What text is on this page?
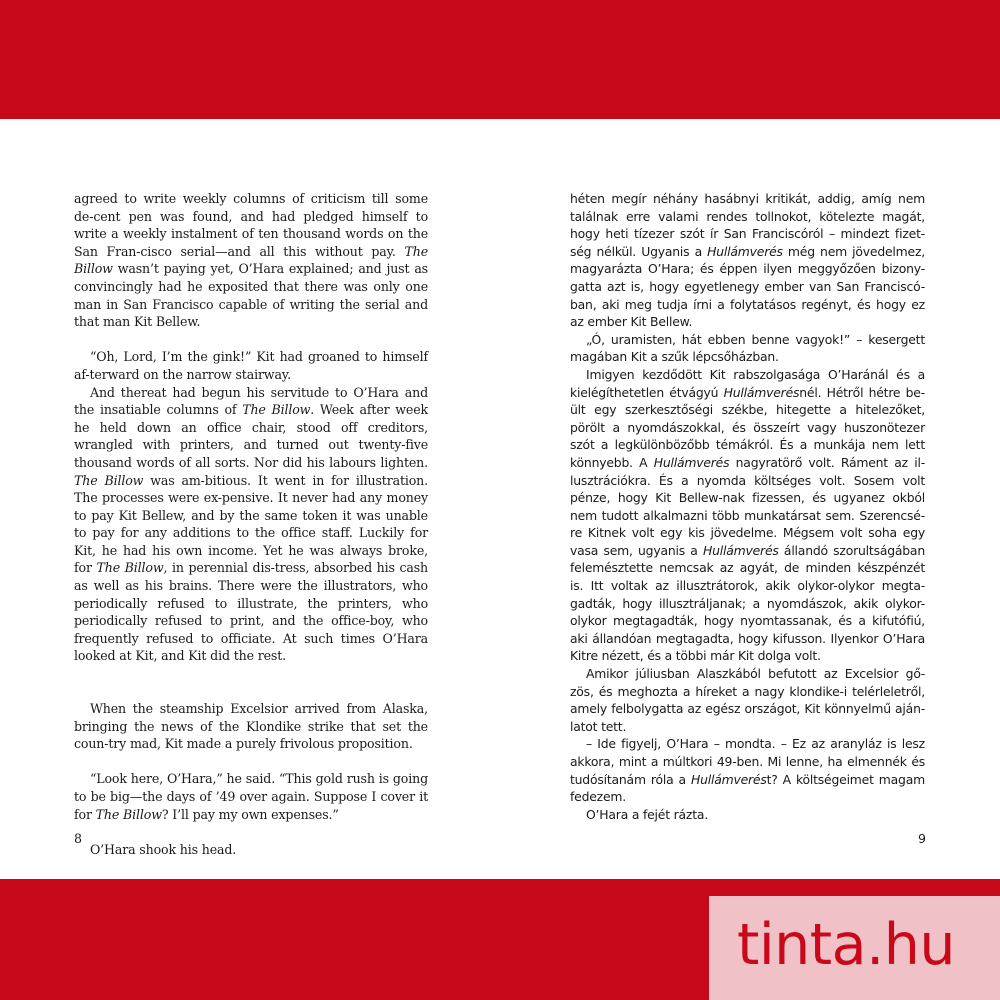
agreed to write weekly columns of criticism till some de-cent pen was found, and had pledged himself to write a weekly instalment of ten thousand words on the San Fran-cisco serial—and all this without pay. The Billow wasn’t paying yet, O’Hara explained; and just as convincingly had he exposited that there was only one man in San Francisco capable of writing the serial and that man Kit Bellew.

“Oh, Lord, I’m the gink!” Kit had groaned to himself af-terward on the narrow stairway.

And thereat had begun his servitude to O’Hara and the insatiable columns of The Billow. Week after week he held down an office chair, stood off creditors, wrangled with printers, and turned out twenty-five thousand words of all sorts. Nor did his labours lighten. The Billow was am-bitious. It went in for illustration. The processes were ex-pensive. It never had any money to pay Kit Bellew, and by the same token it was unable to pay for any additions to the office staff. Luckily for Kit, he had his own income. Yet he was always broke, for The Billow, in perennial dis-tress, absorbed his cash as well as his brains. There were the illustrators, who periodically refused to illustrate, the printers, who periodically refused to print, and the office-boy, who frequently refused to officiate. At such times O’Hara looked at Kit, and Kit did the rest.

When the steamship Excelsior arrived from Alaska, bringing the news of the Klondike strike that set the coun-try mad, Kit made a purely frivolous proposition.

“Look here, O’Hara,” he said. “This gold rush is going to be big—the days of ’49 over again. Suppose I cover it for The Billow? I’ll pay my own expenses.”

O’Hara shook his head.

héten megír néhány hasábnyi kritikát, addig, amíg nem találnak erre valami rendes tollnokot, kötelezte magát, hogy heti tízezer szót ír San Franciscóról – mindezt fizet-ség nélkül. Ugyanis a Hullámverés még nem jövedelmez, magyarázta O’Hara; és éppen ilyen meggyőzően bizony-gatta azt is, hogy egyetlenegy ember van San Franciscó-ban, aki meg tudja írni a folytatásos regényt, és hogy ez az ember Kit Bellew.

„Ó, uramisten, hát ebben benne vagyok!” – kesergett magában Kit a szűk lépcsőházban.

Imigyen kezdődött Kit rabszolgasága O’Haránál és a kielégíthetetlen étvágyú Hullámverésnél. Hétről hétre be-ült egy szerkesztőségi székbe, hitegette a hitelezőket, pörölt a nyomdászokkal, és összeírt vagy huszonötezer szót a legkülönbözőbb témákról. És a munkája nem lett könnyebb. A Hullámverés nagyratörő volt. Ráment az il-lusztrációkra. És a nyomda költséges volt. Sosem volt pénze, hogy Kit Bellew-nak fizessen, és ugyanez okból nem tudott alkalmazni több munkatársat sem. Szerencsé-re Kitnek volt egy kis jövedelme. Mégsem volt soha egy vasa sem, ugyanis a Hullámverés állandó szorultságában felemésztette nemcsak az agyát, de minden készpénzét is. Itt voltak az illusztrátorok, akik olykor-olykor megta-gadták, hogy illusztráljanak; a nyomdászok, akik olykor-olykor megtagadták, hogy nyomtassanak, és a kifutófiú, aki állandóan megtagadta, hogy kifusson. Ilyenkor O’Hara Kitre nézett, és a többi már Kit dolga volt.

Amikor júliusban Alaszkából befutott az Excelsior gő-zös, és meghozta a híreket a nagy klondike-i telérleletről, amely felbolygatta az egész országot, Kit könnyelmű aján-latot tett.

– Ide figyelj, O’Hara – mondta. – Ez az aranyláz is lesz akkora, mint a múltkori 49-ben. Mi lenne, ha elmennék és tudósítanám róla a Hullámverést? A költségeimet magam fedezem.

O’Hara a fejét rázta.

8	9
tinta.hu
